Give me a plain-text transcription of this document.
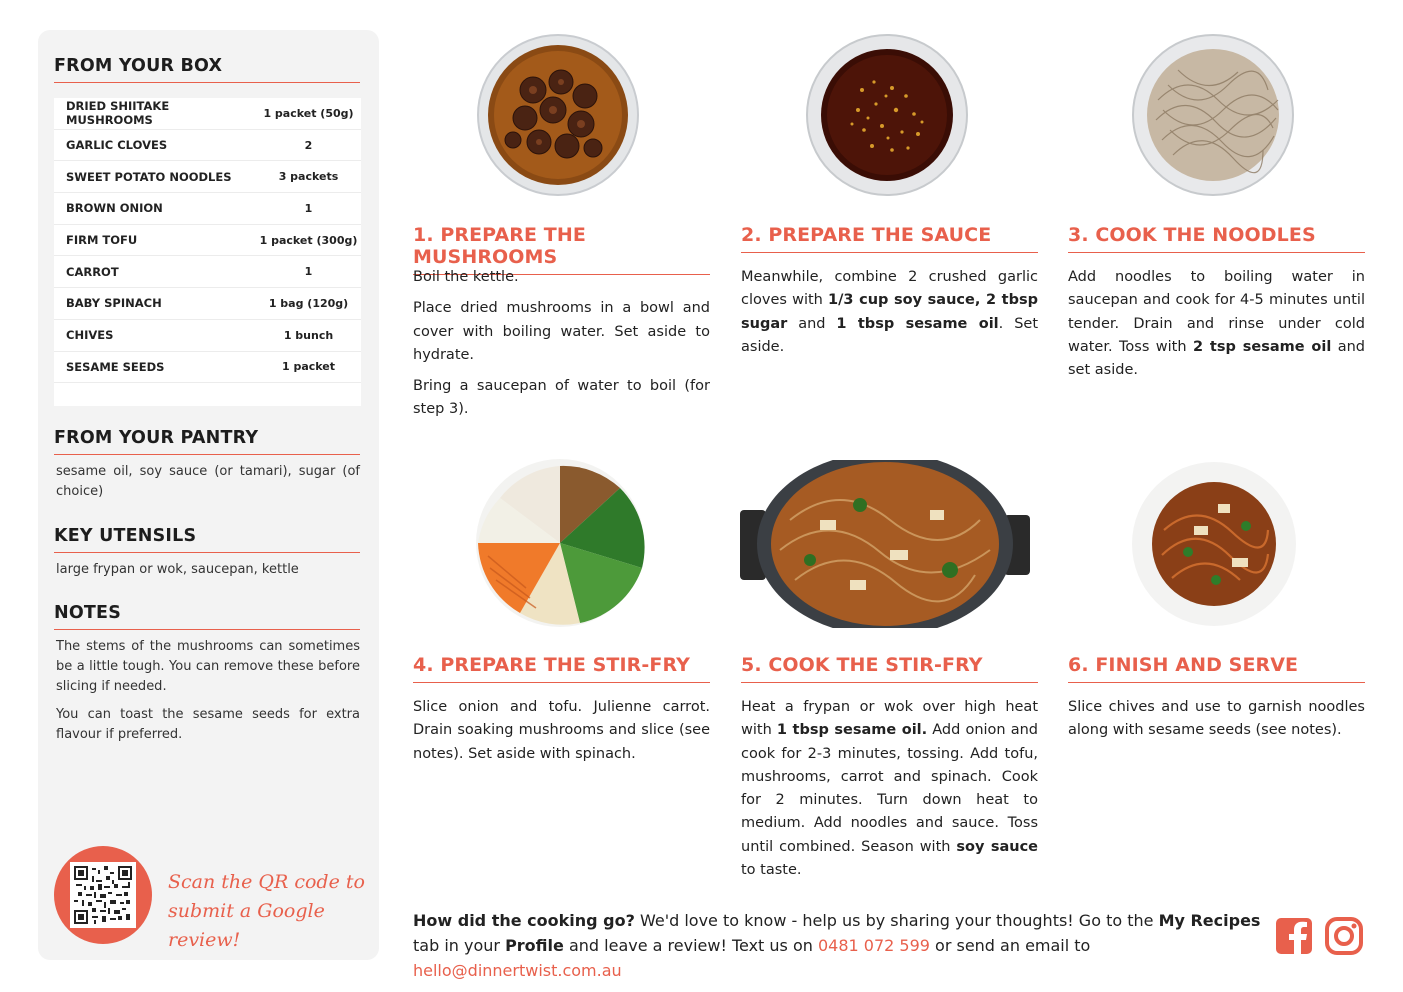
FROM YOUR BOX
DRIED SHIITAKE MUSHROOMS	1 packet (50g)
GARLIC CLOVES	2
SWEET POTATO NOODLES	3 packets
BROWN ONION	1
FIRM TOFU	1 packet (300g)
CARROT	1
BABY SPINACH	1 bag (120g)
CHIVES	1 bunch
SESAME SEEDS	1 packet
FROM YOUR PANTRY
sesame oil, soy sauce (or tamari), sugar (of choice)
KEY UTENSILS
large frypan or wok, saucepan, kettle
NOTES

The stems of the mushrooms can sometimes be a little tough. You can remove these before slicing if needed.

You can toast the sesame seeds for extra flavour if preferred.

Scan the QR code to submit a Google review!
1. PREPARE THE MUSHROOMS

Boil the kettle.

Place dried mushrooms in a bowl and cover with boiling water. Set aside to hydrate.

Bring a saucepan of water to boil (for step 3).

2. PREPARE THE SAUCE

Meanwhile, combine 2 crushed garlic cloves with 1/3 cup soy sauce, 2 tbsp sugar and 1 tbsp sesame oil. Set aside.

3. COOK THE NOODLES

Add noodles to boiling water in saucepan and cook for 4-5 minutes until tender. Drain and rinse under cold water. Toss with 2 tsp sesame oil and set aside.

4. PREPARE THE STIR-FRY

Slice onion and tofu. Julienne carrot. Drain soaking mushrooms and slice (see notes). Set aside with spinach.

5. COOK THE STIR-FRY

Heat a frypan or wok over high heat with 1 tbsp sesame oil. Add onion and cook for 2-3 minutes, tossing. Add tofu, mushrooms, carrot and spinach. Cook for 2 minutes. Turn down heat to medium. Add noodles and sauce. Toss until combined. Season with soy sauce to taste.

6. FINISH AND SERVE

Slice chives and use to garnish noodles along with sesame seeds (see notes).

How did the cooking go? We'd love to know - help us by sharing your thoughts! Go to the My Recipes tab in your Profile and leave a review! Text us on 0481 072 599 or send an email to hello@dinnertwist.com.au
